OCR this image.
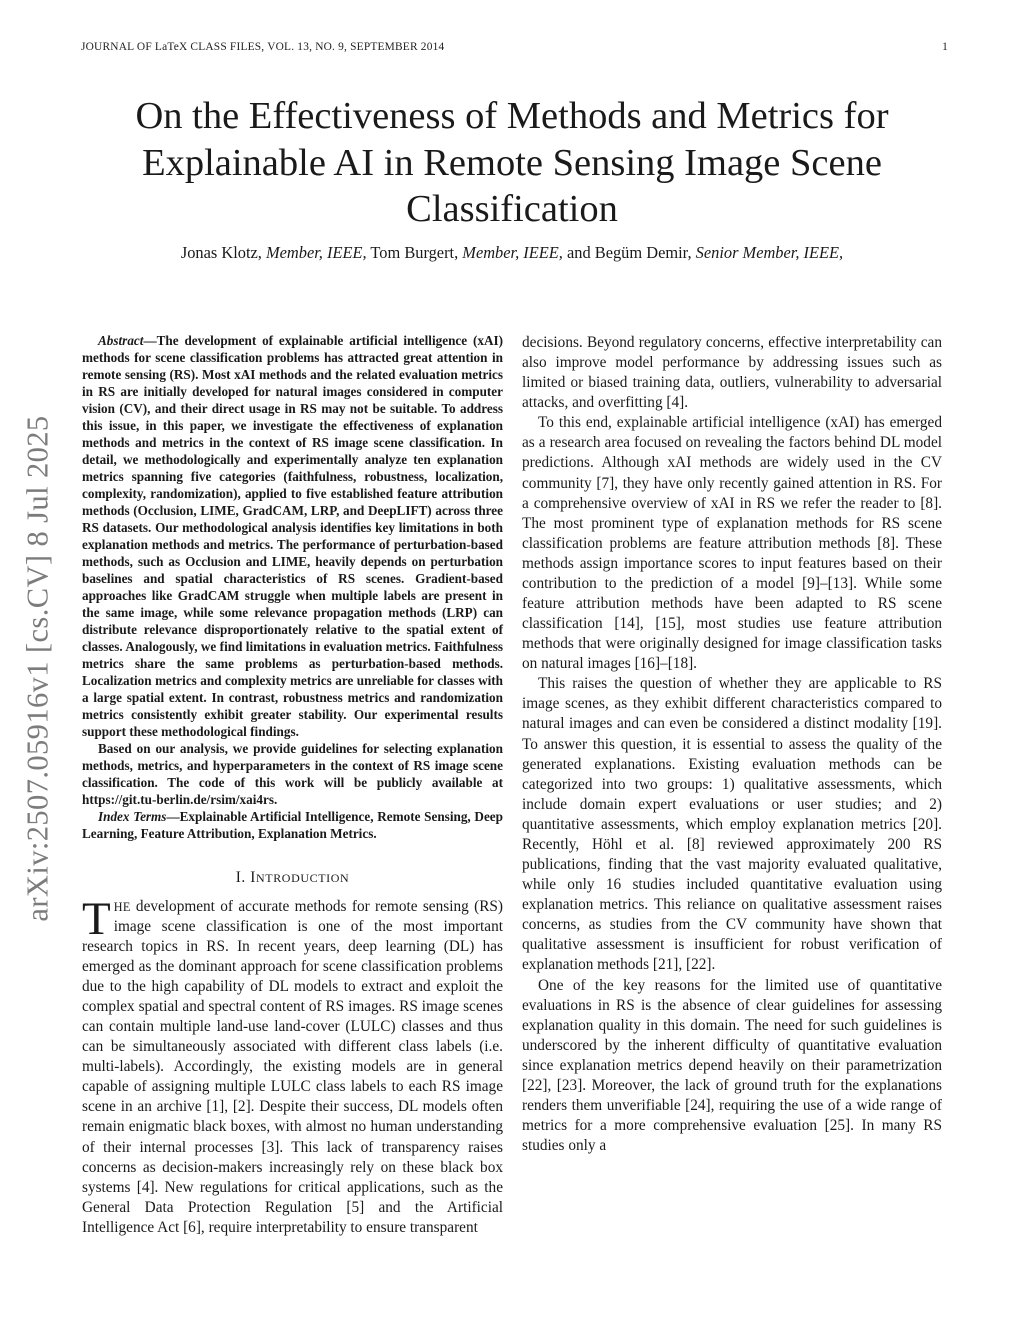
JOURNAL OF LaTeX CLASS FILES, VOL. 13, NO. 9, SEPTEMBER 2014	1
arXiv:2507.05916v1 [cs.CV] 8 Jul 2025
On the Effectiveness of Methods and Metrics for Explainable AI in Remote Sensing Image Scene Classification
Jonas Klotz, Member, IEEE, Tom Burgert, Member, IEEE, and Begüm Demir, Senior Member, IEEE,

Abstract—The development of explainable artificial intelligence (xAI) methods for scene classification problems has attracted great attention in remote sensing (RS). Most xAI methods and the related evaluation metrics in RS are initially developed for natural images considered in computer vision (CV), and their direct usage in RS may not be suitable. To address this issue, in this paper, we investigate the effectiveness of explanation methods and metrics in the context of RS image scene classification. In detail, we methodologically and experimentally analyze ten explanation metrics spanning five categories (faithfulness, robustness, localization, complexity, randomization), applied to five established feature attribution methods (Occlusion, LIME, GradCAM, LRP, and DeepLIFT) across three RS datasets. Our methodological analysis identifies key limitations in both explanation methods and metrics. The performance of perturbation-based methods, such as Occlusion and LIME, heavily depends on perturbation baselines and spatial characteristics of RS scenes. Gradient-based approaches like GradCAM struggle when multiple labels are present in the same image, while some relevance propagation methods (LRP) can distribute relevance disproportionately relative to the spatial extent of classes. Analogously, we find limitations in evaluation metrics. Faithfulness metrics share the same problems as perturbation-based methods. Localization metrics and complexity metrics are unreliable for classes with a large spatial extent. In contrast, robustness metrics and randomization metrics consistently exhibit greater stability. Our experimental results support these methodological findings.

Based on our analysis, we provide guidelines for selecting explanation methods, metrics, and hyperparameters in the context of RS image scene classification. The code of this work will be publicly available at https://git.tu-berlin.de/rsim/xai4rs.

Index Terms—Explainable Artificial Intelligence, Remote Sensing, Deep Learning, Feature Attribution, Explanation Metrics.

I. INTRODUCTION

THE development of accurate methods for remote sensing (RS) image scene classification is one of the most important research topics in RS. In recent years, deep learning (DL) has emerged as the dominant approach for scene classification problems due to the high capability of DL models to extract and exploit the complex spatial and spectral content of RS images. RS image scenes can contain multiple land-use land-cover (LULC) classes and thus can be simultaneously associated with different class labels (i.e. multi-labels). Accordingly, the existing models are in general capable of assigning multiple LULC class labels to each RS image scene in an archive [1], [2]. Despite their success, DL models often remain enigmatic black boxes, with almost no human understanding of their internal processes [3]. This lack of transparency raises concerns as decision-makers increasingly rely on these black box systems [4]. New regulations for critical applications, such as the General Data Protection Regulation [5] and the Artificial Intelligence Act [6], require interpretability to ensure transparent

decisions. Beyond regulatory concerns, effective interpretability can also improve model performance by addressing issues such as limited or biased training data, outliers, vulnerability to adversarial attacks, and overfitting [4].

To this end, explainable artificial intelligence (xAI) has emerged as a research area focused on revealing the factors behind DL model predictions. Although xAI methods are widely used in the CV community [7], they have only recently gained attention in RS. For a comprehensive overview of xAI in RS we refer the reader to [8]. The most prominent type of explanation methods for RS scene classification problems are feature attribution methods [8]. These methods assign importance scores to input features based on their contribution to the prediction of a model [9]–[13]. While some feature attribution methods have been adapted to RS scene classification [14], [15], most studies use feature attribution methods that were originally designed for image classification tasks on natural images [16]–[18].

This raises the question of whether they are applicable to RS image scenes, as they exhibit different characteristics compared to natural images and can even be considered a distinct modality [19]. To answer this question, it is essential to assess the quality of the generated explanations. Existing evaluation methods can be categorized into two groups: 1) qualitative assessments, which include domain expert evaluations or user studies; and 2) quantitative assessments, which employ explanation metrics [20]. Recently, Höhl et al. [8] reviewed approximately 200 RS publications, finding that the vast majority evaluated qualitative, while only 16 studies included quantitative evaluation using explanation metrics. This reliance on qualitative assessment raises concerns, as studies from the CV community have shown that qualitative assessment is insufficient for robust verification of explanation methods [21], [22].

One of the key reasons for the limited use of quantitative evaluations in RS is the absence of clear guidelines for assessing explanation quality in this domain. The need for such guidelines is underscored by the inherent difficulty of quantitative evaluation since explanation metrics depend heavily on their parametrization [22], [23]. Moreover, the lack of ground truth for the explanations renders them unverifiable [24], requiring the use of a wide range of metrics for a more comprehensive evaluation [25]. In many RS studies only a
